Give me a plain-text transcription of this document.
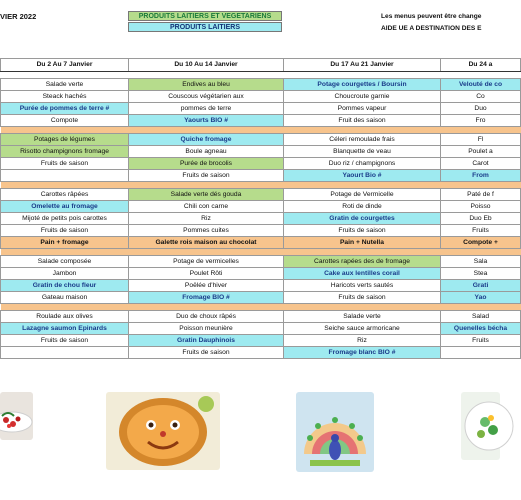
VIER 2022	PRODUITS LAITIERS ET VEGETARIENS
PRODUITS LAITIERS
Les menus peuvent être change
AIDE UE A DESTINATION DES E
Du 2 Au 7 Janvier	Du 10 Au 14 Janvier	Du 17 Au 21 Janvier	Du 24 a

Salade verte	Endives au bleu	Potage courgettes / Boursin	Velouté de co
Steack hachés	Couscous végétarien aux	Choucroute garnie	Co
Purée de pommes de terre #	pommes de terre	Pommes vapeur	Duo
Compote	Yaourts BIO #	Fruit des saison	Fro

Potages de légumes	Quiche fromage	Céleri remoulade frais	Fl
Risotto champignons fromage	Boule agneau	Blanquette de veau	Poulet a
Fruits de saison	Purée de brocolis	Duo riz / champignons	Carot
	Fruits de saison	Yaourt Bio #	From

Carottes râpées	Salade verte dés gouda	Potage de Vermicelle	Paté de f
Omelette au fromage	Chili con carne	Roti de dinde	Poisso
Mijoté de petits pois carottes	Riz	Gratin de courgettes	Duo Eb
Fruits de saison	Pommes cuites	Fruits de saison	Fruits
Pain + fromage	Galette rois maison au chocolat	Pain + Nutella	Compote +

Salade composée	Potage de vermicelles	Carottes rapées des de fromage	Sala
Jambon	Poulet Rôti	Cake aux lentilles corail	Stea
Gratin de chou fleur	Poëlée d'hiver	Haricots verts sautés	Grati
Gateau maison	Fromage BIO #	Fruits de saison	Yao

Roulade aux olives	Duo de choux râpés	Salade verte	Salad
Lazagne saumon Epinards	Poisson meunière	Seiche sauce armoricane	Quenelles bécha
Fruits de saison	Gratin Dauphinois	Riz	Fruits
	Fruits de saison	Fromage blanc BIO #	
